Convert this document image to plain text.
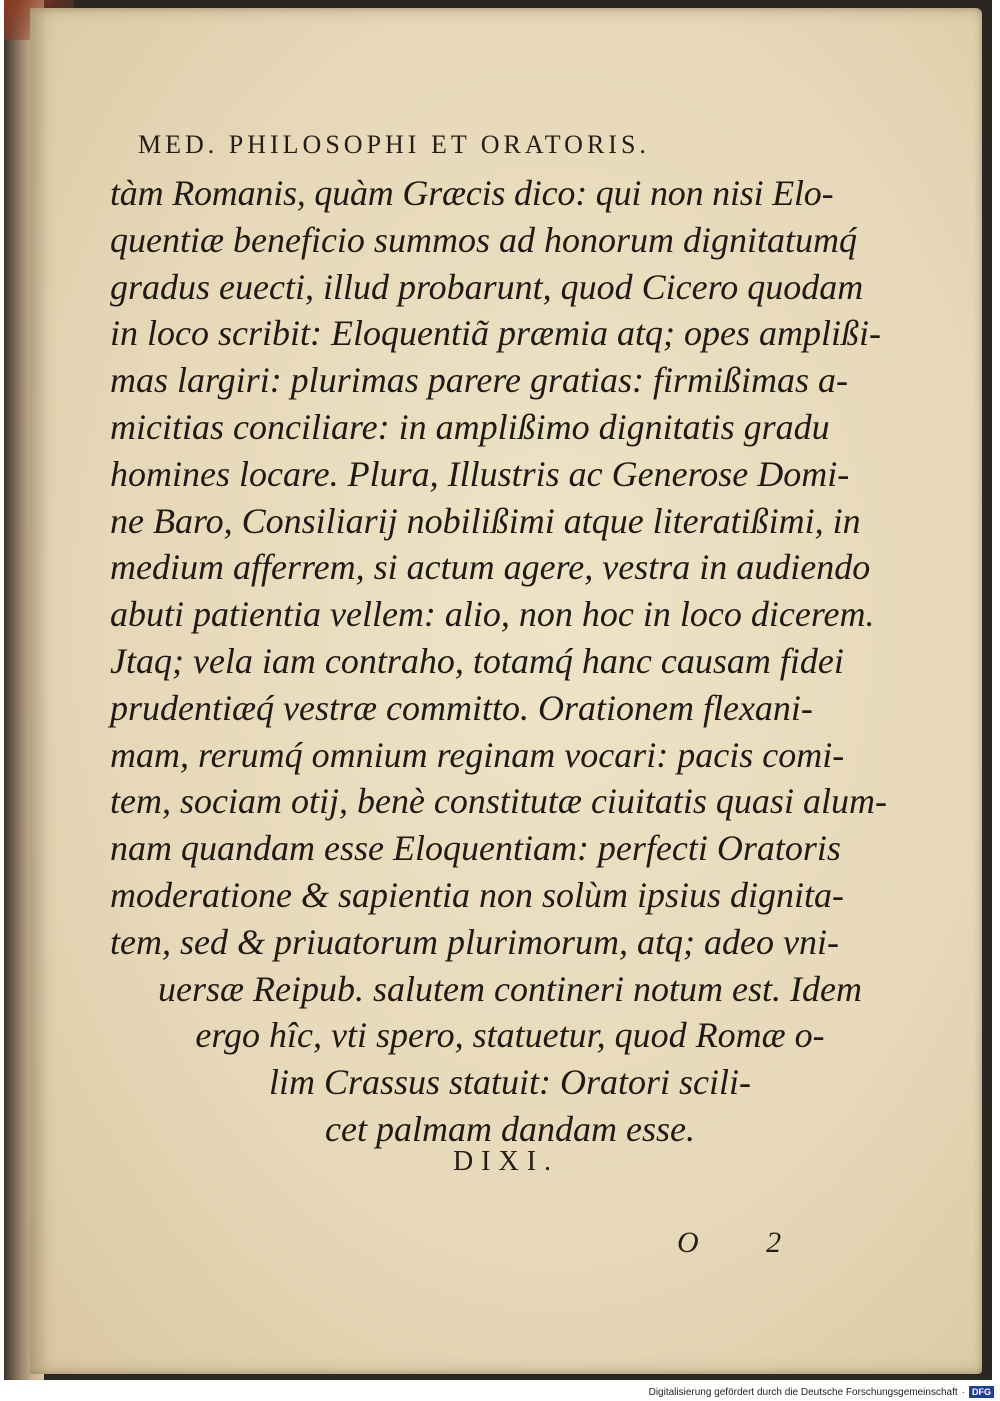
MED. PHILOSOPHI ET ORATORIS.
tàm Romanis, quàm Græcis dico: qui non nisi Elo-
quentiæ beneficio summos ad honorum dignitatumq́
gradus euecti, illud probarunt, quod Cicero quodam
in loco scribit: Eloquentiã præmia atq; opes amplißi-
mas largiri: plurimas parere gratias: firmißimas a-
micitias conciliare: in amplißimo dignitatis gradu
homines locare. Plura, Illustris ac Generose Domi-
ne Baro, Consiliarij nobilißimi atque literatißimi, in
medium afferrem, si actum agere, vestra in audiendo
abuti patientia vellem: alio, non hoc in loco dicerem.
Jtaq; vela iam contraho, totamq́ hanc causam fidei
prudentiæq́ vestræ committo. Orationem flexani-
mam, rerumq́ omnium reginam vocari: pacis comi-
tem, sociam otij, benè constitutæ ciuitatis quasi alum-
nam quandam esse Eloquentiam: perfecti Oratoris
moderatione & sapientia non solùm ipsius dignita-
tem, sed & priuatorum plurimorum, atq; adeo vni-
uersæ Reipub. salutem contineri notum est. Idem
ergo hîc, vti spero, statuetur, quod Romæ o-
lim Crassus statuit: Oratori scili-
cet palmam dandam esse.
DIXI.
O 2
Digitalisierung gefördert durch die Deutsche Forschungsgemeinschaft · DFG
